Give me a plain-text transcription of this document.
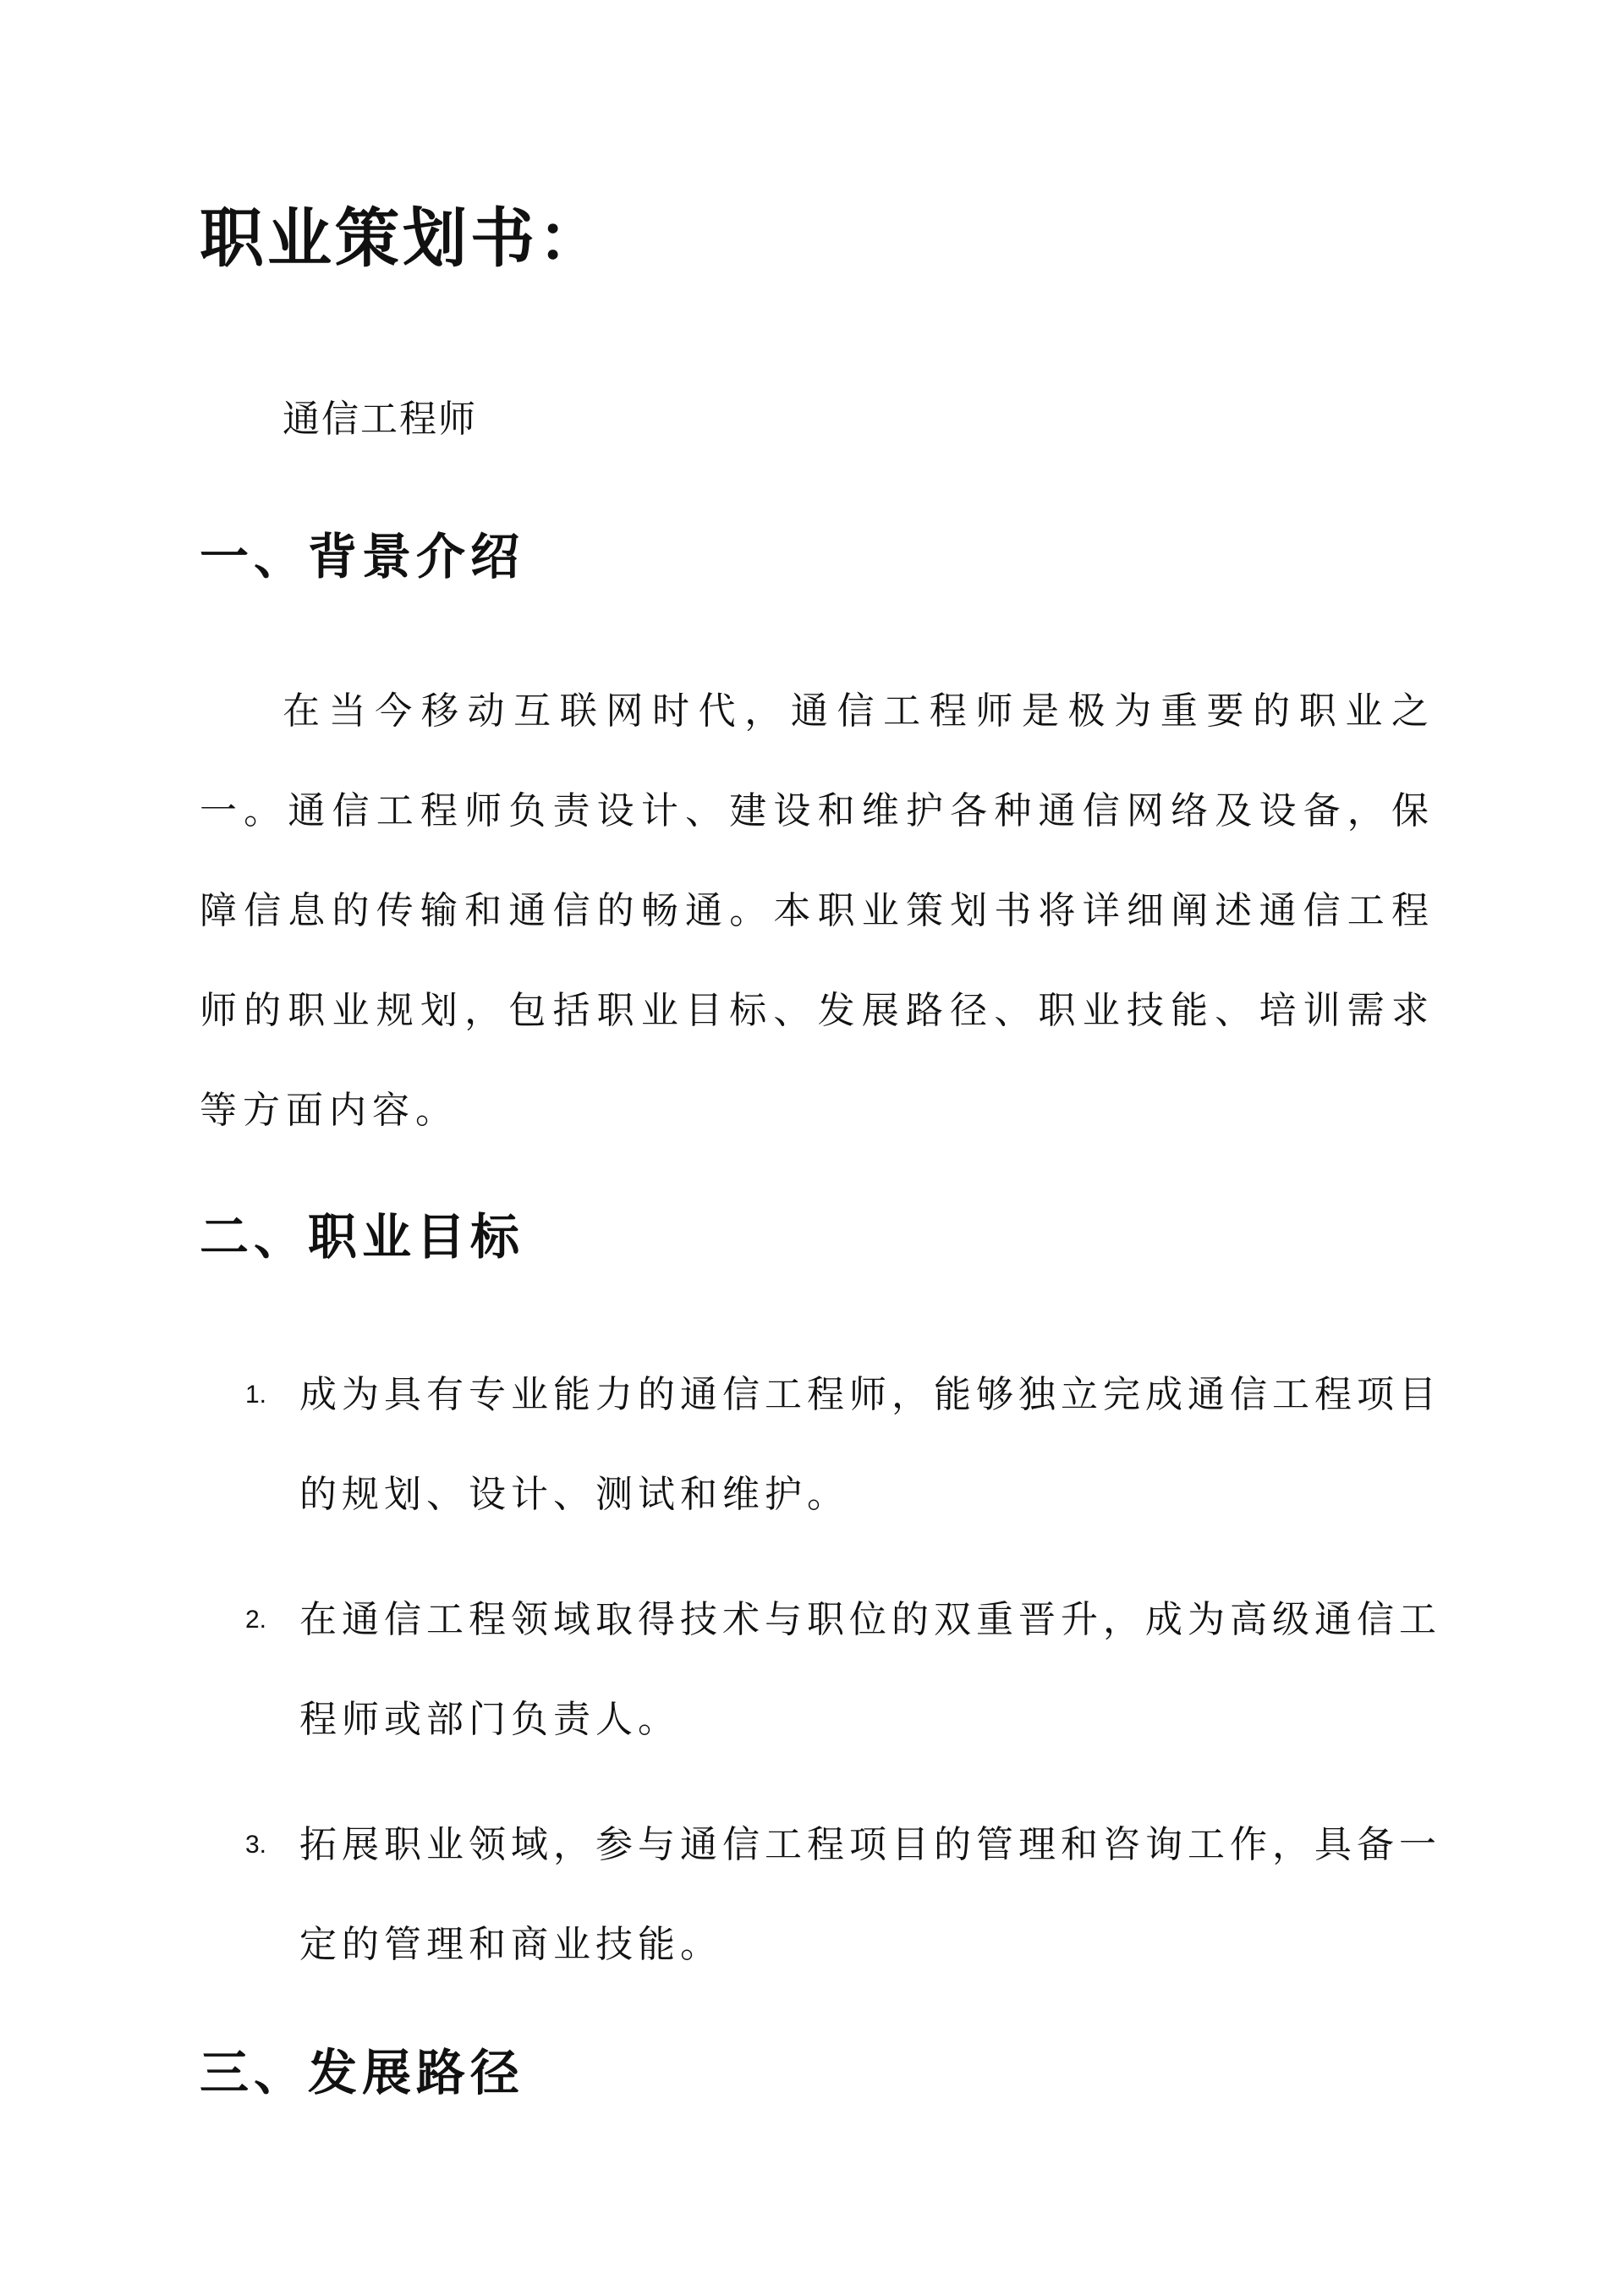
职业策划书：

通信工程师

一、背景介绍

在当今移动互联网时代，通信工程师是极为重要的职业之一。通信工程师负责设计、建设和维护各种通信网络及设备，保障信息的传输和通信的畅通。本职业策划书将详细阐述通信工程师的职业规划，包括职业目标、发展路径、职业技能、培训需求等方面内容。

二、职业目标
1. 成为具有专业能力的通信工程师，能够独立完成通信工程项目的规划、设计、测试和维护。
2. 在通信工程领域取得技术与职位的双重晋升，成为高级通信工程师或部门负责人。
3. 拓展职业领域，参与通信工程项目的管理和咨询工作，具备一定的管理和商业技能。
三、发展路径
